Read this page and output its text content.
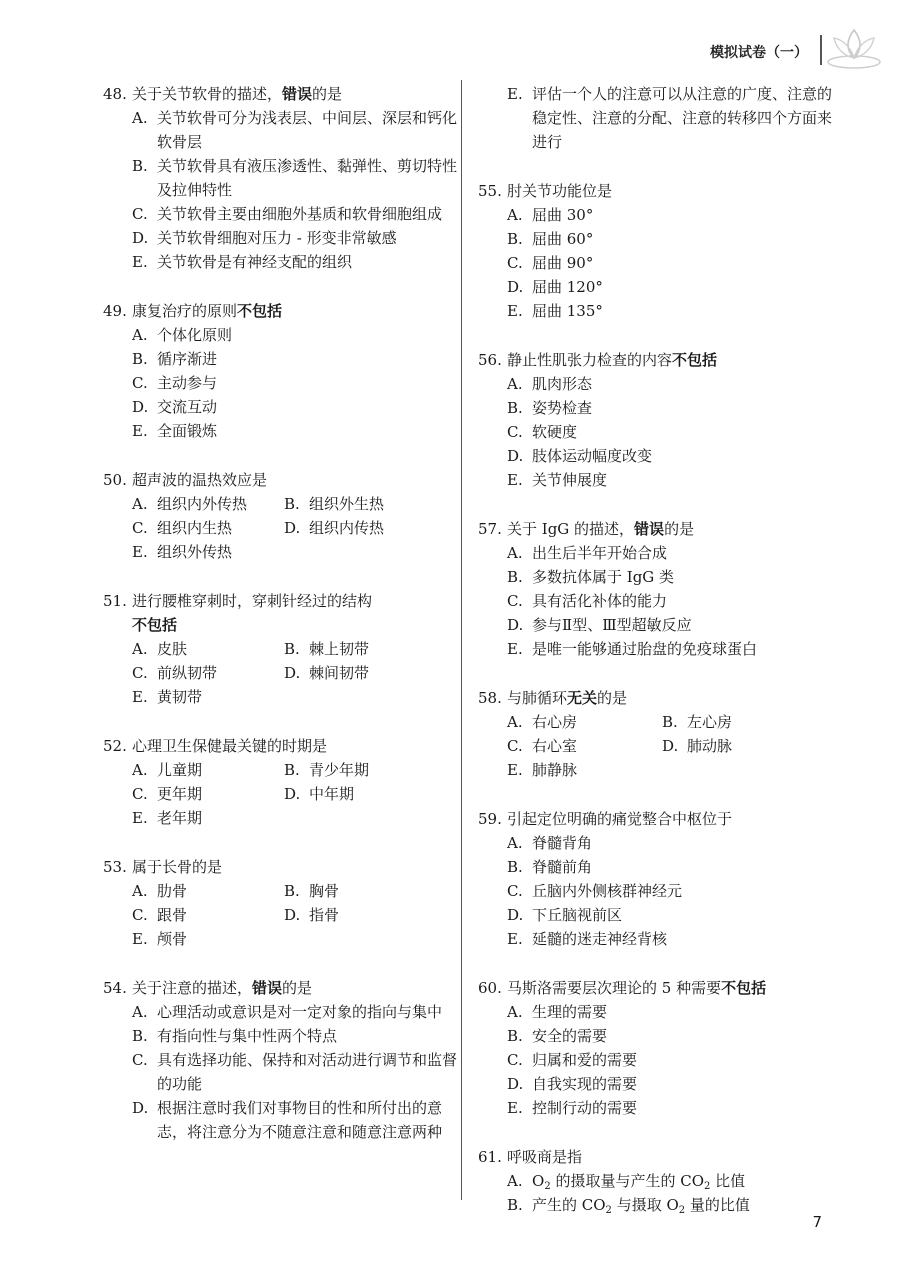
模拟试卷（一）
48. 关于关节软骨的描述，错误的是
A. 关节软骨可分为浅表层、中间层、深层和钙化软骨层
B. 关节软骨具有液压渗透性、黏弹性、剪切特性及拉伸特性
C. 关节软骨主要由细胞外基质和软骨细胞组成
D. 关节软骨细胞对压力 - 形变非常敏感
E. 关节软骨是有神经支配的组织
49. 康复治疗的原则不包括
A. 个体化原则
B. 循序渐进
C. 主动参与
D. 交流互动
E. 全面锻炼
50. 超声波的温热效应是
A. 组织内外传热	B. 组织外生热
C. 组织内生热	D. 组织内传热
E. 组织外传热
51. 进行腰椎穿刺时，穿刺针经过的结构
不包括
A. 皮肤	B. 棘上韧带
C. 前纵韧带	D. 棘间韧带
E. 黄韧带
52. 心理卫生保健最关键的时期是
A. 儿童期	B. 青少年期
C. 更年期	D. 中年期
E. 老年期
53. 属于长骨的是
A. 肋骨	B. 胸骨
C. 跟骨	D. 指骨
E. 颅骨
54. 关于注意的描述，错误的是
A. 心理活动或意识是对一定对象的指向与集中
B. 有指向性与集中性两个特点
C. 具有选择功能、保持和对活动进行调节和监督的功能
D. 根据注意时我们对事物目的性和所付出的意志，将注意分为不随意注意和随意注意两种
E. 评估一个人的注意可以从注意的广度、注意的稳定性、注意的分配、注意的转移四个方面来进行
55. 肘关节功能位是
A. 屈曲 30°
B. 屈曲 60°
C. 屈曲 90°
D. 屈曲 120°
E. 屈曲 135°
56. 静止性肌张力检查的内容不包括
A. 肌肉形态
B. 姿势检查
C. 软硬度
D. 肢体运动幅度改变
E. 关节伸展度
57. 关于 IgG 的描述，错误的是
A. 出生后半年开始合成
B. 多数抗体属于 IgG 类
C. 具有活化补体的能力
D. 参与Ⅱ型、Ⅲ型超敏反应
E. 是唯一能够通过胎盘的免疫球蛋白
58. 与肺循环无关的是
A. 右心房	B. 左心房
C. 右心室	D. 肺动脉
E. 肺静脉
59. 引起定位明确的痛觉整合中枢位于
A. 脊髓背角
B. 脊髓前角
C. 丘脑内外侧核群神经元
D. 下丘脑视前区
E. 延髓的迷走神经背核
60. 马斯洛需要层次理论的 5 种需要不包括
A. 生理的需要
B. 安全的需要
C. 归属和爱的需要
D. 自我实现的需要
E. 控制行动的需要
61. 呼吸商是指
A. $O_2$ 的摄取量与产生的 $CO_2$ 比值
B. 产生的 $CO_2$ 与摄取 $O_2$ 量的比值
7
